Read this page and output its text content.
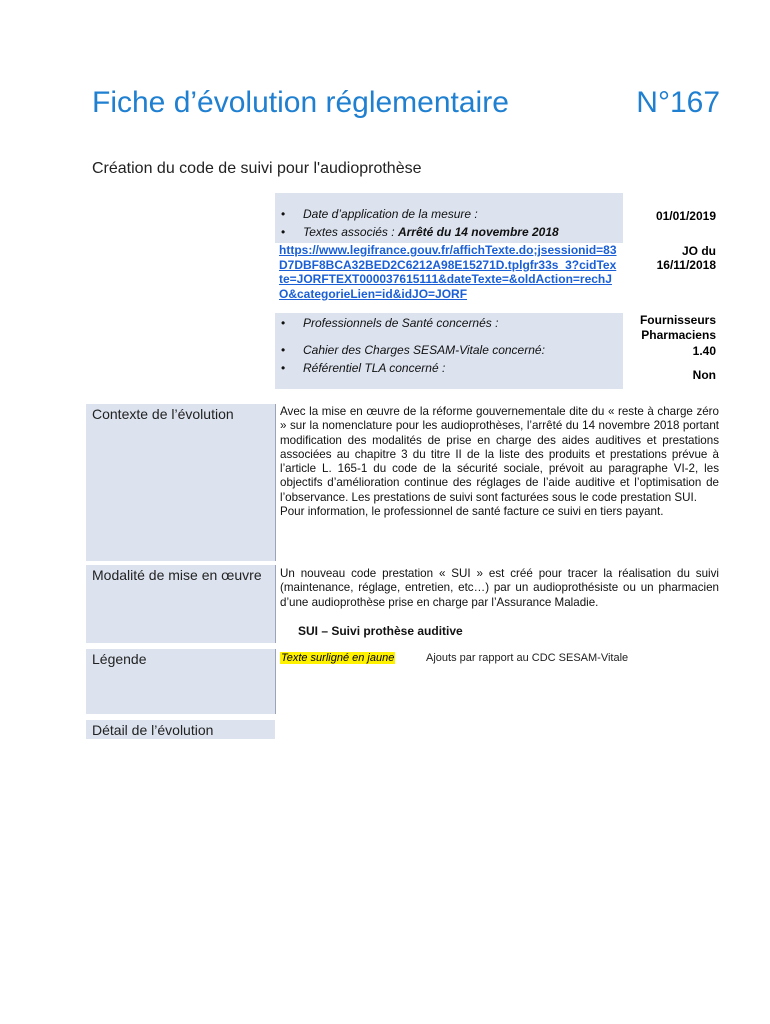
Fiche d’évolution réglementaire	N°167
Création du code de suivi pour l'audioprothèse
• Date d’application de la mesure :
• Textes associés : Arrêté du 14 novembre 2018
https://www.legifrance.gouv.fr/affichTexte.do;jsessionid=83D7DBF8BCA32BED2C6212A98E15271D.tplgfr33s_3?cidTexte=JORFTEXT000037615111&dateTexte=&oldAction=rechJO&categorieLien=id&idJO=JORF
01/01/2019
JO du
16/11/2018
• Professionnels de Santé concernés :
• Cahier des Charges SESAM-Vitale concerné:
• Référentiel TLA concerné :
Fournisseurs
Pharmaciens
1.40
Non
Contexte de l’évolution
Modalité de mise en œuvre
Légende
Détail de l’évolution
Avec la mise en œuvre de la réforme gouvernementale dite du « reste à charge zéro » sur la nomenclature pour les audioprothèses, l’arrêté du 14 novembre 2018 portant modification des modalités de prise en charge des aides auditives et prestations associées au chapitre 3 du titre II de la liste des produits et prestations prévue à l’article L. 165-1 du code de la sécurité sociale, prévoit au paragraphe VI-2, les objectifs d’amélioration continue des réglages de l’aide auditive et l’optimisation de l’observance. Les prestations de suivi sont facturées sous le code prestation SUI.
Pour information, le professionnel de santé facture ce suivi en tiers payant.
Un nouveau code prestation « SUI » est créé pour tracer la réalisation du suivi (maintenance, réglage, entretien, etc…) par un audioprothésiste ou un pharmacien d’une audioprothèse prise en charge par l’Assurance Maladie.
SUI – Suivi prothèse auditive
Texte surligné en jaune	Ajouts par rapport au CDC SESAM-Vitale
